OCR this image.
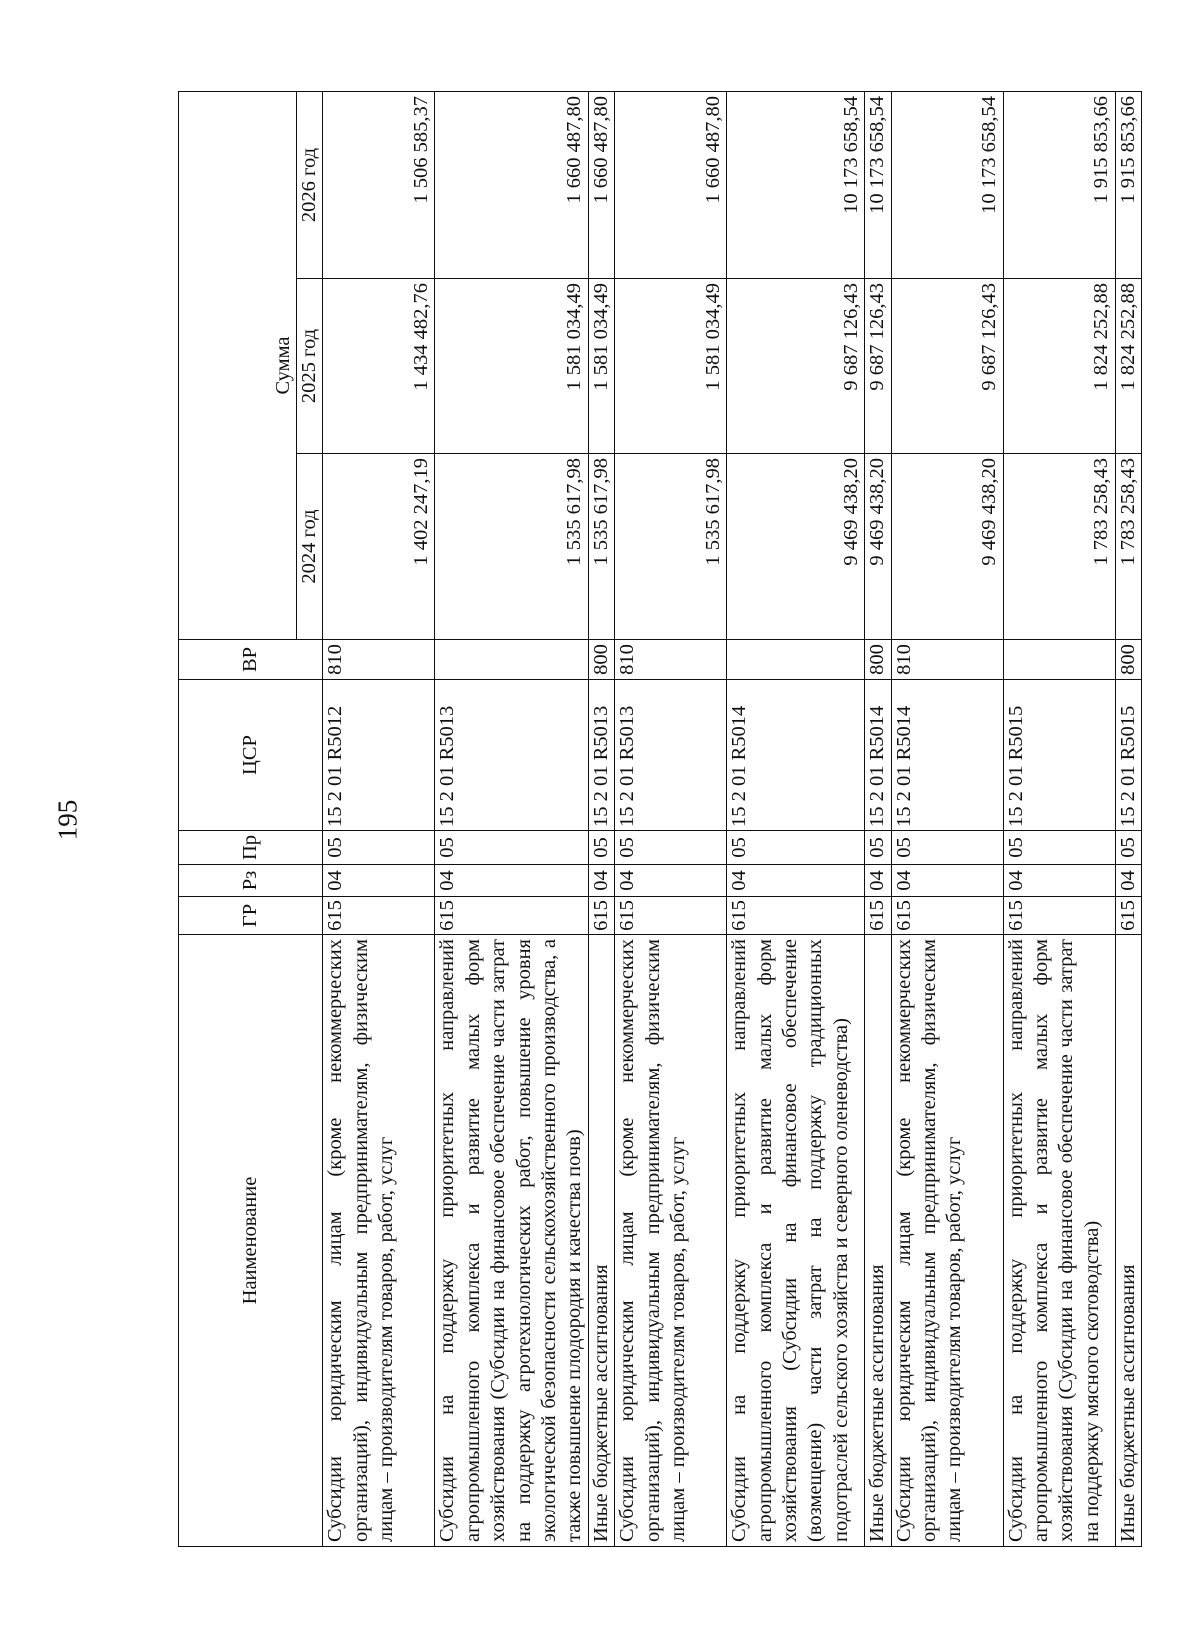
195
Наименование	ГР	Рз	Пр	ЦСР	ВР	Сумма		
						2024 год	2025 год	2026 год
Субсидии юридическим лицам (кроме некоммерческих организаций), индивидуальным предпринимателям, физическим лицам – производителям товаров, работ, услуг	615	04	05	15 2 01 R5012	810	1 402 247,19	1 434 482,76	1 506 585,37
Субсидии на поддержку приоритетных направлений агропромышленного комплекса и развитие малых форм хозяйствования (Субсидии на финансовое обеспечение части затрат на поддержку агротехнологических работ, повышение уровня экологической безопасности сельскохозяйственного производства, а также повышение плодородия и качества почв)	615	04	05	15 2 01 R5013		1 535 617,98	1 581 034,49	1 660 487,80
Иные бюджетные ассигнования	615	04	05	15 2 01 R5013	800	1 535 617,98	1 581 034,49	1 660 487,80
Субсидии юридическим лицам (кроме некоммерческих организаций), индивидуальным предпринимателям, физическим лицам – производителям товаров, работ, услуг	615	04	05	15 2 01 R5013	810	1 535 617,98	1 581 034,49	1 660 487,80
Субсидии на поддержку приоритетных направлений агропромышленного комплекса и развитие малых форм хозяйствования (Субсидии на финансовое обеспечение (возмещение) части затрат на поддержку традиционных подотраслей сельского хозяйства и северного оленеводства)	615	04	05	15 2 01 R5014		9 469 438,20	9 687 126,43	10 173 658,54
Иные бюджетные ассигнования	615	04	05	15 2 01 R5014	800	9 469 438,20	9 687 126,43	10 173 658,54
Субсидии юридическим лицам (кроме некоммерческих организаций), индивидуальным предпринимателям, физическим лицам – производителям товаров, работ, услуг	615	04	05	15 2 01 R5014	810	9 469 438,20	9 687 126,43	10 173 658,54
Субсидии на поддержку приоритетных направлений агропромышленного комплекса и развитие малых форм хозяйствования (Субсидии на финансовое обеспечение части затрат на поддержку мясного скотоводства)	615	04	05	15 2 01 R5015		1 783 258,43	1 824 252,88	1 915 853,66
Иные бюджетные ассигнования	615	04	05	15 2 01 R5015	800	1 783 258,43	1 824 252,88	1 915 853,66
